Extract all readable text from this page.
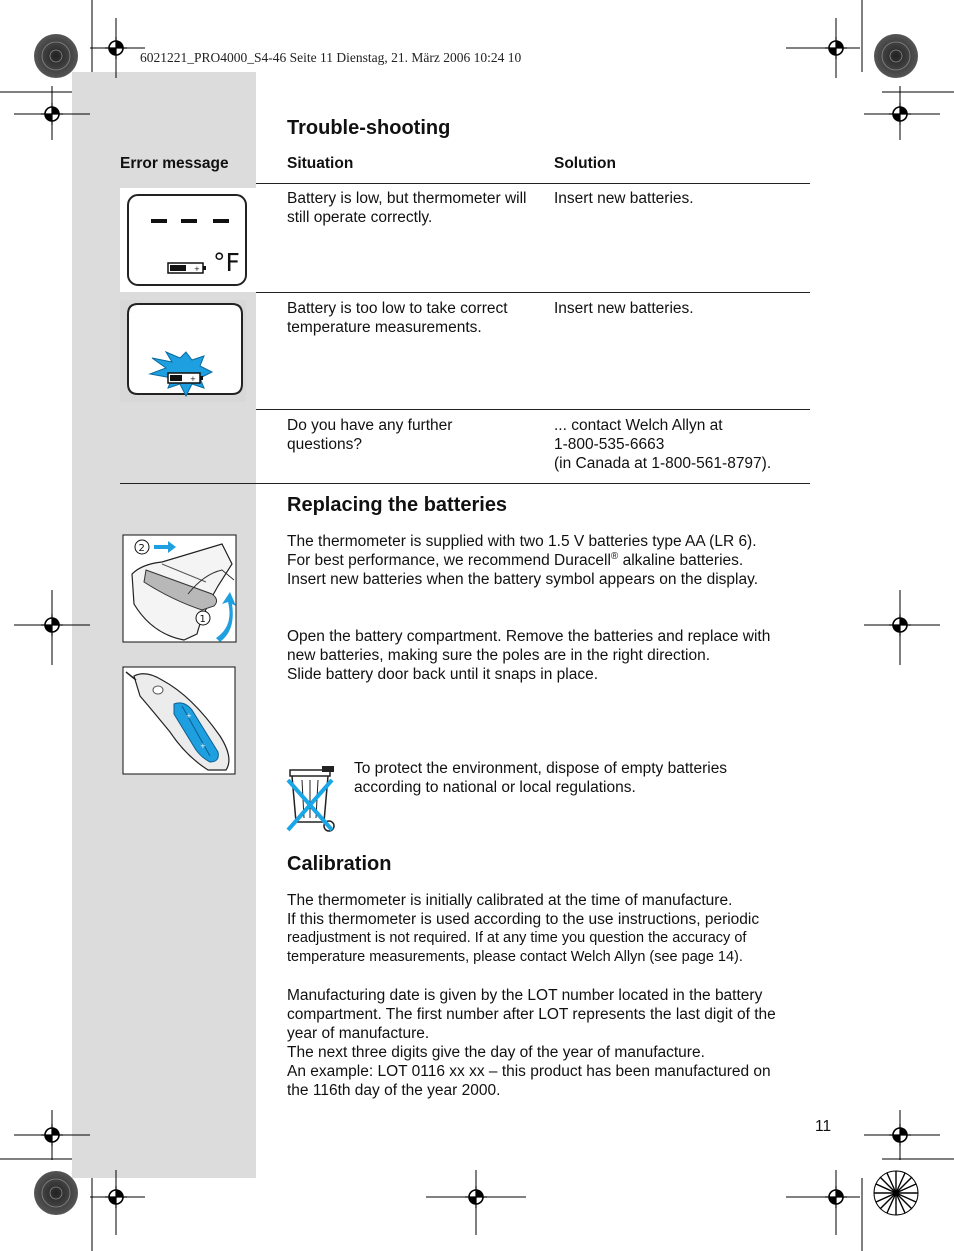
6021221_PRO4000_S4-46 Seite 11 Dienstag, 21. März 2006 10:24 10
Trouble-shooting
Error message	Situation	Solution
+ °F
Battery is low, but thermometer will still operate correctly.
Insert new batteries.
+
Battery is too low to take correct temperature measurements.
Insert new batteries.
Do you have any further questions?
... contact Welch Allyn at
1-800-535-6663
(in Canada at 1-800-561-8797).
Replacing the batteries
2
1
+
+
The thermometer is supplied with two 1.5 V batteries type AA (LR 6).
For best performance, we recommend Duracell® alkaline batteries.
Insert new batteries when the battery symbol appears on the display.
Open the battery compartment. Remove the batteries and replace with
new batteries, making sure the poles are in the right direction.
Slide battery door back until it snaps in place.
To protect the environment, dispose of empty batteries
according to national or local regulations.
Calibration
The thermometer is initially calibrated at the time of manufacture.
If this thermometer is used according to the use instructions, periodic
readjustment is not required. If at any time you question the accuracy of
temperature measurements, please contact Welch Allyn (see page 14).
Manufacturing date is given by the LOT number located in the battery
compartment. The first number after LOT represents the last digit of the
year of manufacture.
The next three digits give the day of the year of manufacture.
An example: LOT 0116 xx xx – this product has been manufactured on
the 116th day of the year 2000.
11
